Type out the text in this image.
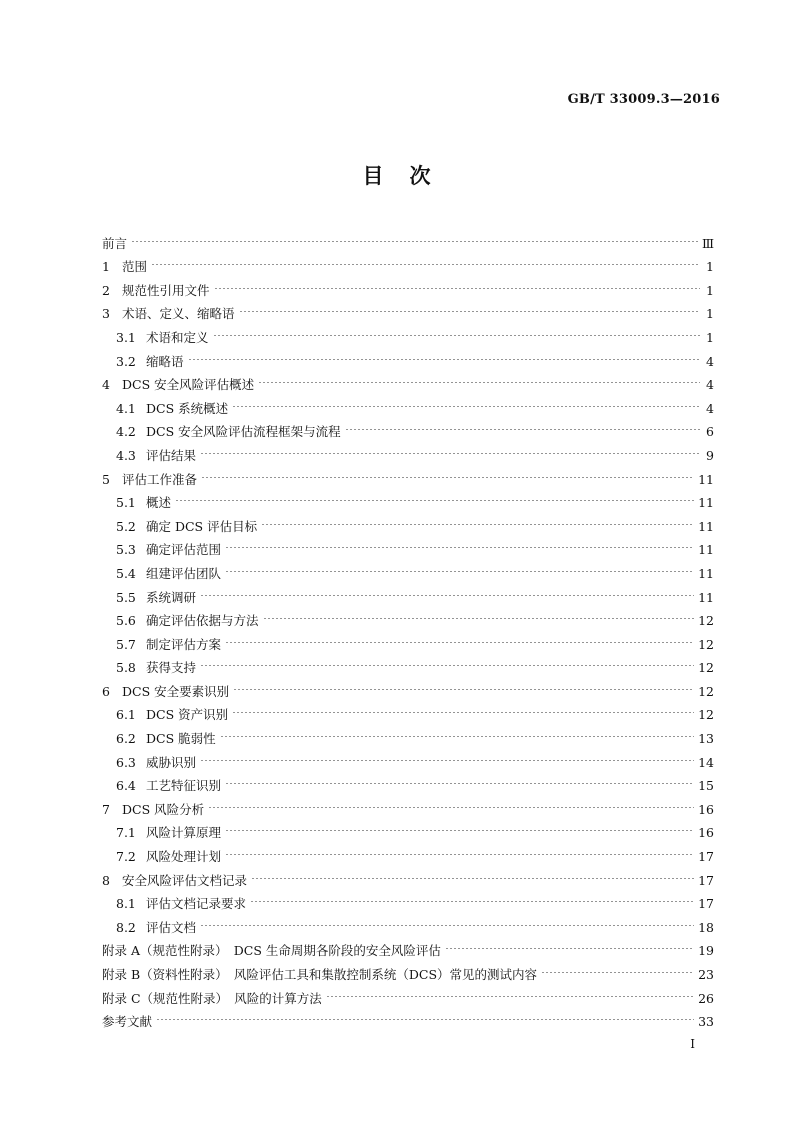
GB/T 33009.3—2016
目次
前言	Ⅲ
1 范围	1
2 规范性引用文件	1
3 术语、定义、缩略语	1
3.1 术语和定义	1
3.2 缩略语	4
4 DCS 安全风险评估概述	4
4.1 DCS 系统概述	4
4.2 DCS 安全风险评估流程框架与流程	6
4.3 评估结果	9
5 评估工作准备	11
5.1 概述	11
5.2 确定 DCS 评估目标	11
5.3 确定评估范围	11
5.4 组建评估团队	11
5.5 系统调研	11
5.6 确定评估依据与方法	12
5.7 制定评估方案	12
5.8 获得支持	12
6 DCS 安全要素识别	12
6.1 DCS 资产识别	12
6.2 DCS 脆弱性	13
6.3 威胁识别	14
6.4 工艺特征识别	15
7 DCS 风险分析	16
7.1 风险计算原理	16
7.2 风险处理计划	17
8 安全风险评估文档记录	17
8.1 评估文档记录要求	17
8.2 评估文档	18
附录 A（规范性附录）　DCS 生命周期各阶段的安全风险评估	19
附录 B（资料性附录）　风险评估工具和集散控制系统（DCS）常见的测试内容	23
附录 C（规范性附录）　风险的计算方法	26
参考文献	33
Ⅰ
